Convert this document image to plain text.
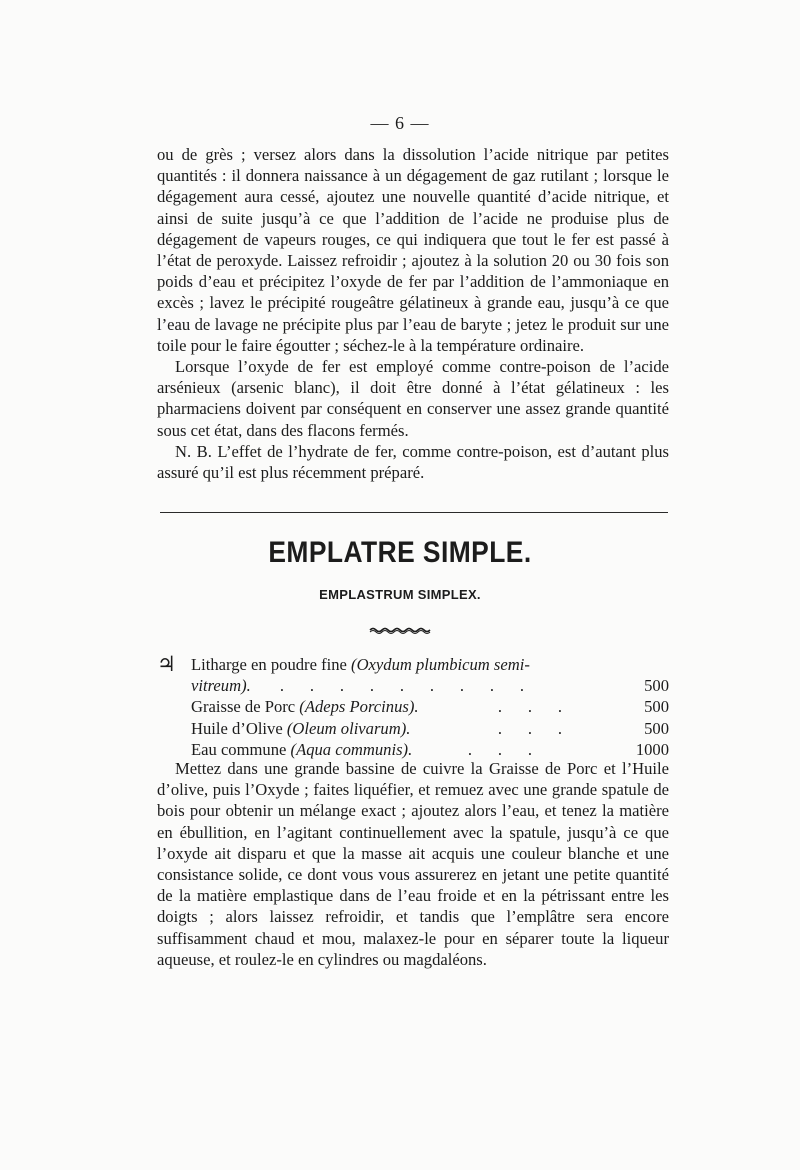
— 6 —

ou de grès ; versez alors dans la dissolution l’acide nitrique par petites quantités : il donnera naissance à un dégagement de gaz rutilant ; lorsque le dégagement aura cessé, ajoutez une nouvelle quantité d’acide nitrique, et ainsi de suite jusqu’à ce que l’addition de l’acide ne produise plus de dégagement de vapeurs rouges, ce qui indiquera que tout le fer est passé à l’état de peroxyde. Laissez refroidir ; ajoutez à la solution 20 ou 30 fois son poids d’eau et précipitez l’oxyde de fer par l’addition de l’ammoniaque en excès ; lavez le précipité rougeâtre gélatineux à grande eau, jusqu’à ce que l’eau de lavage ne précipite plus par l’eau de baryte ; jetez le produit sur une toile pour le faire égoutter ; séchez-le à la température ordinaire.

Lorsque l’oxyde de fer est employé comme contre-poison de l’acide arsénieux (arsenic blanc), il doit être donné à l’état gélatineux : les pharmaciens doivent par conséquent en conserver une assez grande quantité sous cet état, dans des flacons fermés.

N. B. L’effet de l’hydrate de fer, comme contre-poison, est d’autant plus assuré qu’il est plus récemment préparé.

EMPLATRE SIMPLE.
EMPLASTRUM SIMPLEX.
♃ Litharge en poudre fine (Oxydum plumbicum semi-
vitreum).	. . . . . . . . .	500
Graisse de Porc (Adeps Porcinus).	. . .	500
Huile d’Olive (Oleum olivarum).	. . .	500
Eau commune (Aqua communis).	. . .	1000

Mettez dans une grande bassine de cuivre la Graisse de Porc et l’Huile d’olive, puis l’Oxyde ; faites liquéfier, et remuez avec une grande spatule de bois pour obtenir un mélange exact ; ajoutez alors l’eau, et tenez la matière en ébullition, en l’agitant continuellement avec la spatule, jusqu’à ce que l’oxyde ait disparu et que la masse ait acquis une couleur blanche et une consistance solide, ce dont vous vous assurerez en jetant une petite quantité de la matière emplastique dans de l’eau froide et en la pétrissant entre les doigts ; alors laissez refroidir, et tandis que l’emplâtre sera encore suffisamment chaud et mou, malaxez-le pour en séparer toute la liqueur aqueuse, et roulez-le en cylindres ou magdaléons.
